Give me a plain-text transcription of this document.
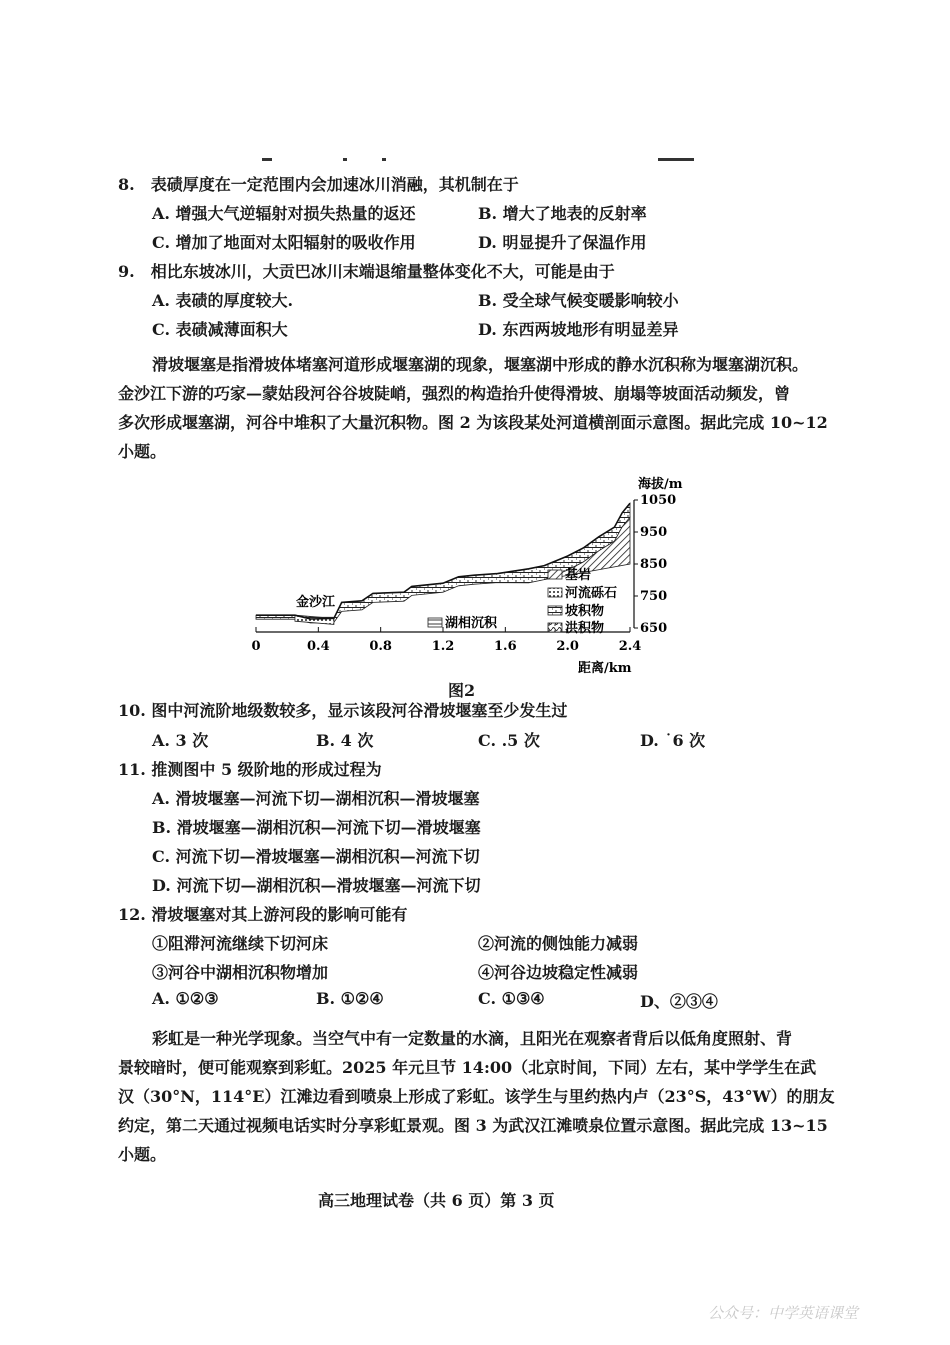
8.　表碛厚度在一定范围内会加速冰川消融，其机制在于
A. 增强大气逆辐射对损失热量的返还	B. 增大了地表的反射率
C. 增加了地面对太阳辐射的吸收作用	D. 明显提升了保温作用
9.　相比东坡冰川，大贡巴冰川末端退缩量整体变化不大，可能是由于
A. 表碛的厚度较大.	B. 受全球气候变暖影响较小
C. 表碛减薄面积大	D. 东西两坡地形有明显差异
滑坡堰塞是指滑坡体堵塞河道形成堰塞湖的现象，堰塞湖中形成的静水沉积称为堰塞湖沉积。
金沙江下游的巧家—蒙姑段河谷谷坡陡峭，强烈的构造抬升使得滑坡、崩塌等坡面活动频发，曾
多次形成堰塞湖，河谷中堆积了大量沉积物。图 2 为该段某处河道横剖面示意图。据此完成 10~12
小题。
0	0.4	0.8	1.2	1.6	2.0	2.4
1050
950
850
750
650
基岩
河流砾石
坡积物
洪积物
湖相沉积
金沙江
海拔/m
距离/km
图2
10. 图中河流阶地级数较多，显示该段河谷滑坡堰塞至少发生过
A. 3 次	B. 4 次	C. .5 次	D. ˙6 次
11. 推测图中 5 级阶地的形成过程为
A. 滑坡堰塞—河流下切—湖相沉积—滑坡堰塞
B. 滑坡堰塞—湖相沉积—河流下切—滑坡堰塞
C. 河流下切—滑坡堰塞—湖相沉积—河流下切
D. 河流下切—湖相沉积—滑坡堰塞—河流下切
12. 滑坡堰塞对其上游河段的影响可能有
①阻滞河流继续下切河床	②河流的侧蚀能力减弱
③河谷中湖相沉积物增加	④河谷边坡稳定性减弱
A. ①②③	B. ①②④	C. ①③④	D、②③④
彩虹是一种光学现象。当空气中有一定数量的水滴，且阳光在观察者背后以低角度照射、背
景较暗时，便可能观察到彩虹。2025 年元旦节 14:00（北京时间，下同）左右，某中学学生在武
汉（30°N，114°E）江滩边看到喷泉上形成了彩虹。该学生与里约热内卢（23°S，43°W）的朋友
约定，第二天通过视频电话实时分享彩虹景观。图 3 为武汉江滩喷泉位置示意图。据此完成 13~15
小题。
高三地理试卷（共 6 页）第 3 页
公众号：中学英语课堂
